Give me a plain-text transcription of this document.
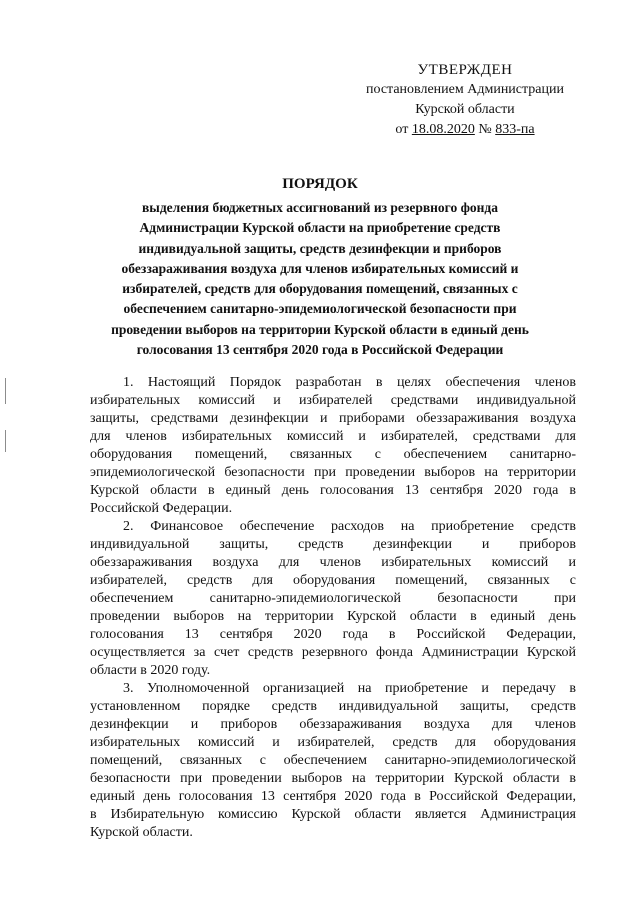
УТВЕРЖДЕН
постановлением Администрации
Курской области
от 18.08.2020 № 833-па
ПОРЯДОК
выделения бюджетных ассигнований из резервного фонда
Администрации Курской области на приобретение средств
индивидуальной защиты, средств дезинфекции и приборов
обеззараживания воздуха для членов избирательных комиссий и
избирателей, средств для оборудования помещений, связанных с
обеспечением санитарно-эпидемиологической безопасности при
проведении выборов на территории Курской области в единый день
голосования 13 сентября 2020 года в Российской Федерации

1. Настоящий Порядок разработан в целях обеспечения членов
избирательных комиссий и избирателей средствами индивидуальной
защиты, средствами дезинфекции и приборами обеззараживания воздуха
для членов избирательных комиссий и избирателей, средствами для
оборудования помещений, связанных с обеспечением санитарно-
эпидемиологической безопасности при проведении выборов на территории
Курской области в единый день голосования 13 сентября 2020 года в
Российской Федерации.

2. Финансовое обеспечение расходов на приобретение средств
индивидуальной защиты, средств дезинфекции и приборов
обеззараживания воздуха для членов избирательных комиссий и
избирателей, средств для оборудования помещений, связанных с
обеспечением санитарно-эпидемиологической безопасности при
проведении выборов на территории Курской области в единый день
голосования 13 сентября 2020 года в Российской Федерации,
осуществляется за счет средств резервного фонда Администрации Курской
области в 2020 году.

3. Уполномоченной организацией на приобретение и передачу в
установленном порядке средств индивидуальной защиты, средств
дезинфекции и приборов обеззараживания воздуха для членов
избирательных комиссий и избирателей, средств для оборудования
помещений, связанных с обеспечением санитарно-эпидемиологической
безопасности при проведении выборов на территории Курской области в
единый день голосования 13 сентября 2020 года в Российской Федерации,
в Избирательную комиссию Курской области является Администрация
Курской области.
